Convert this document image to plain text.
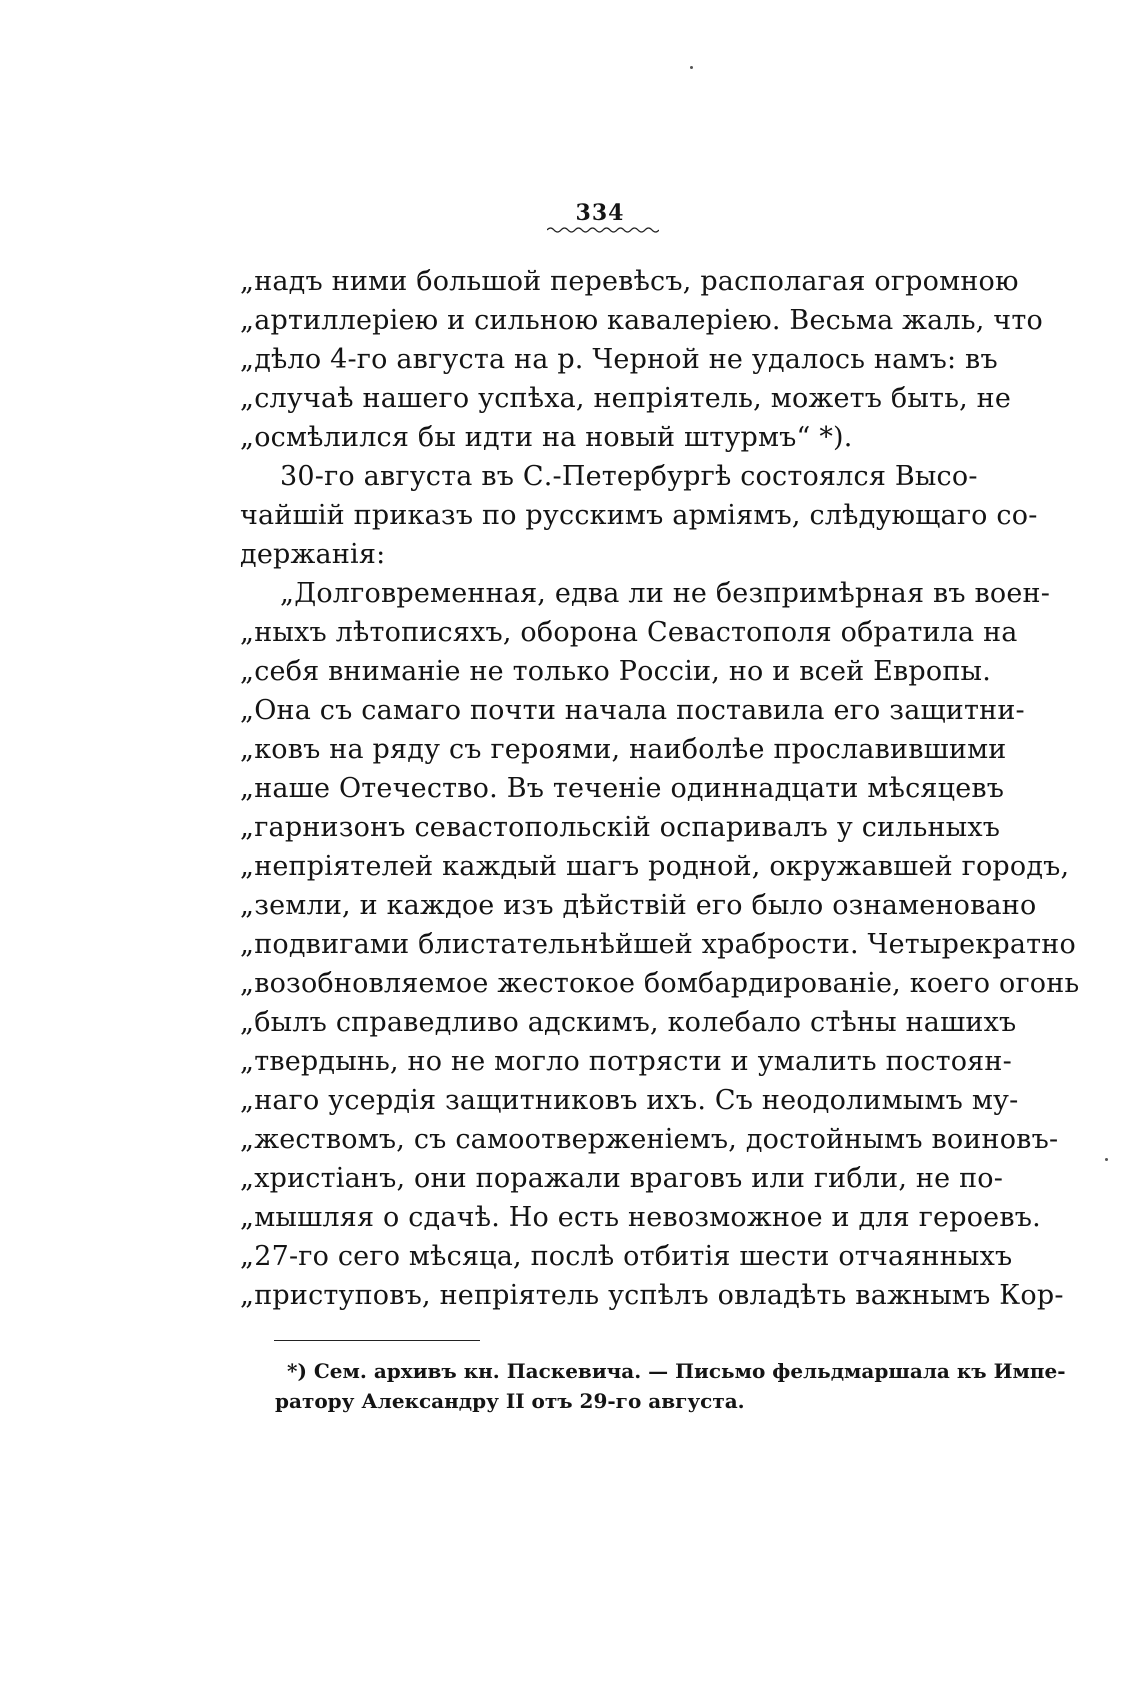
334
„надъ ними большой перевѣсъ, располагая огромною
„артиллеріею и сильною кавалеріею. Весьма жаль, что
„дѣло 4-го августа на р. Черной не удалось намъ: въ
„случаѣ нашего успѣха, непріятель, можетъ быть, не
„осмѣлился бы идти на новый штурмъ“ *).
30-го августа въ С.-Петербургѣ состоялся Высо-
чайшій приказъ по русскимъ арміямъ, слѣдующаго со-
держанія:
„Долговременная, едва ли не безпримѣрная въ воен-
„ныхъ лѣтописяхъ, оборона Севастополя обратила на
„себя вниманіе не только Россіи, но и всей Европы.
„Она съ самаго почти начала поставила его защитни-
„ковъ на ряду съ героями, наиболѣе прославившими
„наше Отечество. Въ теченіе одиннадцати мѣсяцевъ
„гарнизонъ севастопольскій оспаривалъ у сильныхъ
„непріятелей каждый шагъ родной, окружавшей городъ,
„земли, и каждое изъ дѣйствій его было ознаменовано
„подвигами блистательнѣйшей храбрости. Четырекратно
„возобновляемое жестокое бомбардированіе, коего огонь
„былъ справедливо адскимъ, колебало стѣны нашихъ
„твердынь, но не могло потрясти и умалить постоян-
„наго усердія защитниковъ ихъ. Съ неодолимымъ му-
„жествомъ, съ самоотверженіемъ, достойнымъ воиновъ-
„христіанъ, они поражали враговъ или гибли, не по-
„мышляя о сдачѣ. Но есть невозможное и для героевъ.
„27-го сего мѣсяца, послѣ отбитія шести отчаянныхъ
„приступовъ, непріятель успѣлъ овладѣть важнымъ Кор-
*) Сем. архивъ кн. Паскевича. — Письмо фельдмаршала къ Импе-
ратору Александру II отъ 29-го августа.
